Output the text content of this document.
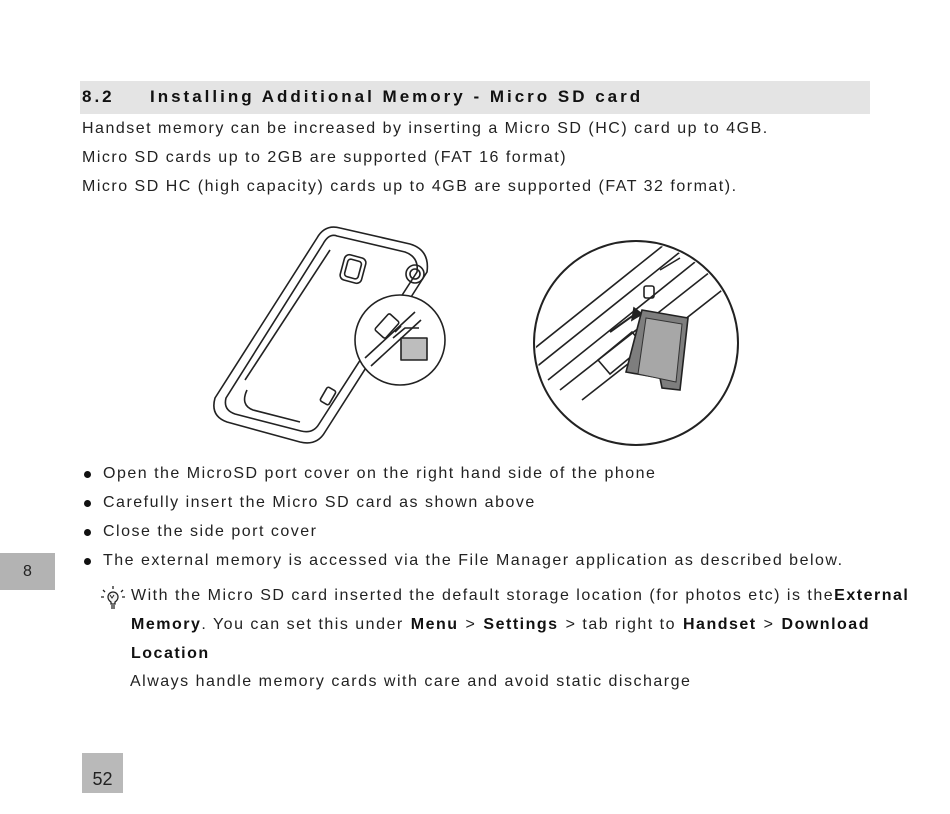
8.2 Installing Additional Memory - Micro SD card
Handset memory can be increased by inserting a Micro SD (HC) card up to 4GB.
Micro SD cards up to 2GB are supported (FAT 16 format)
Micro SD HC (high capacity) cards up to 4GB are supported (FAT 32 format).
Open the MicroSD port cover on the right hand side of the phone
Carefully insert the Micro SD card as shown above
Close the side port cover
The external memory is accessed via the File Manager application as described below.
With the Micro SD card inserted the default storage location (for photos etc) is the External
Memory. You can set this under Menu > Settings > tab right to Handset > Download
Location
Always handle memory cards with care and avoid static discharge
8
52
